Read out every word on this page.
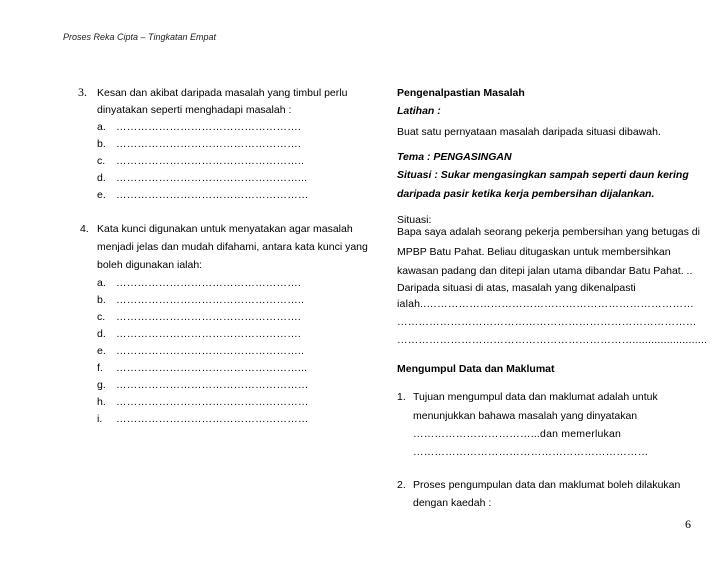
Proses Reka Cipta – Tingkatan Empat
3. Kesan dan akibat daripada masalah yang timbul perlu
dinyatakan seperti menghadapi masalah :
a. …………………………………………….
b. …………………………………………….
c. ……………………………………………..
d. ……………………………………………...
e. ………………………………………………
4. Kata kunci digunakan untuk menyatakan agar masalah
menjadi jelas dan mudah difahami, antara kata kunci yang
boleh digunakan ialah:
a. …………………………………………….
b. ……………………………………………..
c. …………………………………………….
d. …………………………………………….
e. ……………………………………………..
f. ……………………………………………...
g. ………………………………………………
h. ………………………………………………
i. ………………………………………………
Pengenalpastian Masalah
Latihan :
Buat satu pernyataan masalah daripada situasi dibawah.
Tema : PENGASINGAN
Situasi : Sukar mengasingkan sampah seperti daun kering
daripada pasir ketika kerja pembersihan dijalankan.
Situasi:
Bapa saya adalah seorang pekerja pembersihan yang betugas di
MPBP Batu Pahat. Beliau ditugaskan untuk membersihkan
kawasan padang dan ditepi jalan utama dibandar Batu Pahat. ..
Daripada situasi di atas, masalah yang dikenalpasti
ialah..…………………………………………………………………
…………………………………………………………………………
…………………………………………………………........................
Mengumpul Data dan Maklumat
1. Tujuan mengumpul data dan maklumat adalah untuk
menunjukkan bahawa masalah yang dinyatakan
……………………………...dan memerlukan
…………………………………………………………
2. Proses pengumpulan data dan maklumat boleh dilakukan
dengan kaedah :
6
